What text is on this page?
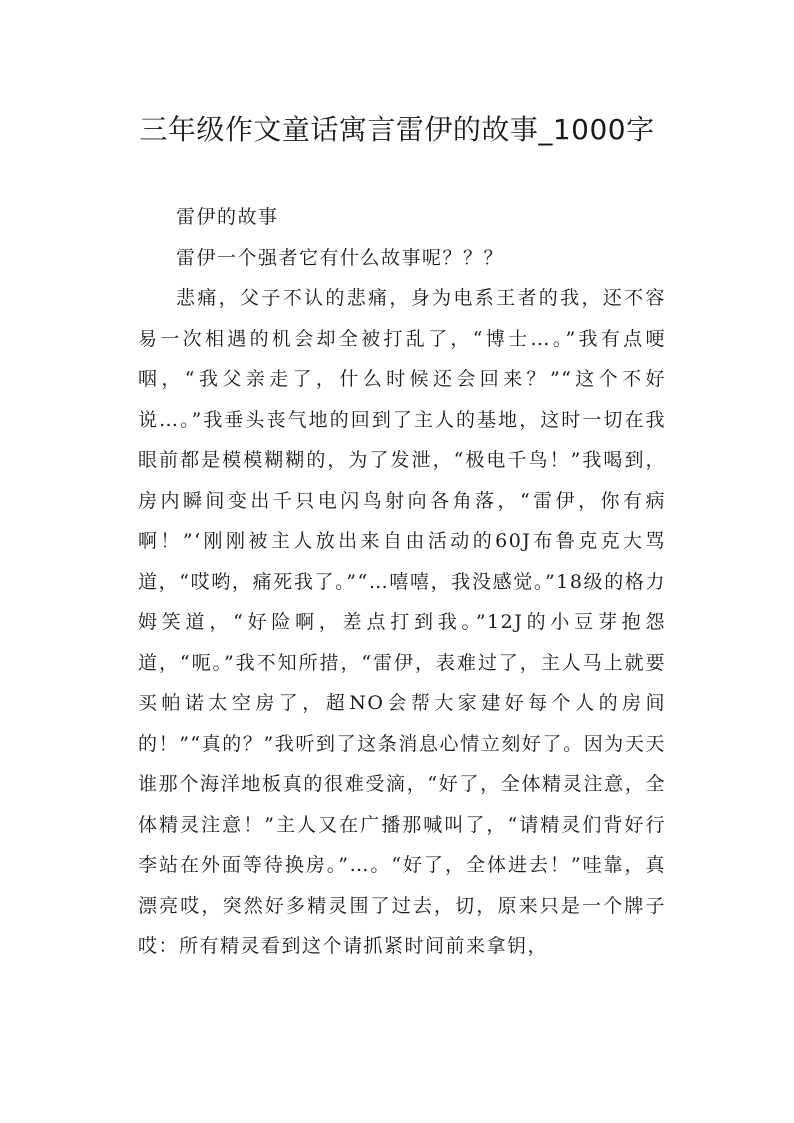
三年级作文童话寓言雷伊的故事_1000字

雷伊的故事

雷伊一个强者它有什么故事呢？？？

悲痛，父子不认的悲痛，身为电系王者的我，还不容易一次相遇的机会却全被打乱了，“博士…。”我有点哽咽，“我父亲走了，什么时候还会回来？”“这个不好说…。”我垂头丧气地的回到了主人的基地，这时一切在我眼前都是模模糊糊的，为了发泄，“极电千鸟！”我喝到，房内瞬间变出千只电闪鸟射向各角落，“雷伊，你有病啊！”‘刚刚被主人放出来自由活动的60J布鲁克克大骂道，“哎哟，痛死我了。”“…嘻嘻，我没感觉。”18级的格力姆笑道，“好险啊，差点打到我。”12J的小豆芽抱怨道，“呃。”我不知所措，“雷伊，表难过了，主人马上就要买帕诺太空房了，超NO会帮大家建好每个人的房间的！”“真的？”我听到了这条消息心情立刻好了。因为天天谁那个海洋地板真的很难受滴，“好了，全体精灵注意，全体精灵注意！”主人又在广播那喊叫了，“请精灵们背好行李站在外面等待换房。”…。“好了，全体进去！”哇靠，真漂亮哎，突然好多精灵围了过去，切，原来只是一个牌子哎：所有精灵看到这个请抓紧时间前来拿钥，
